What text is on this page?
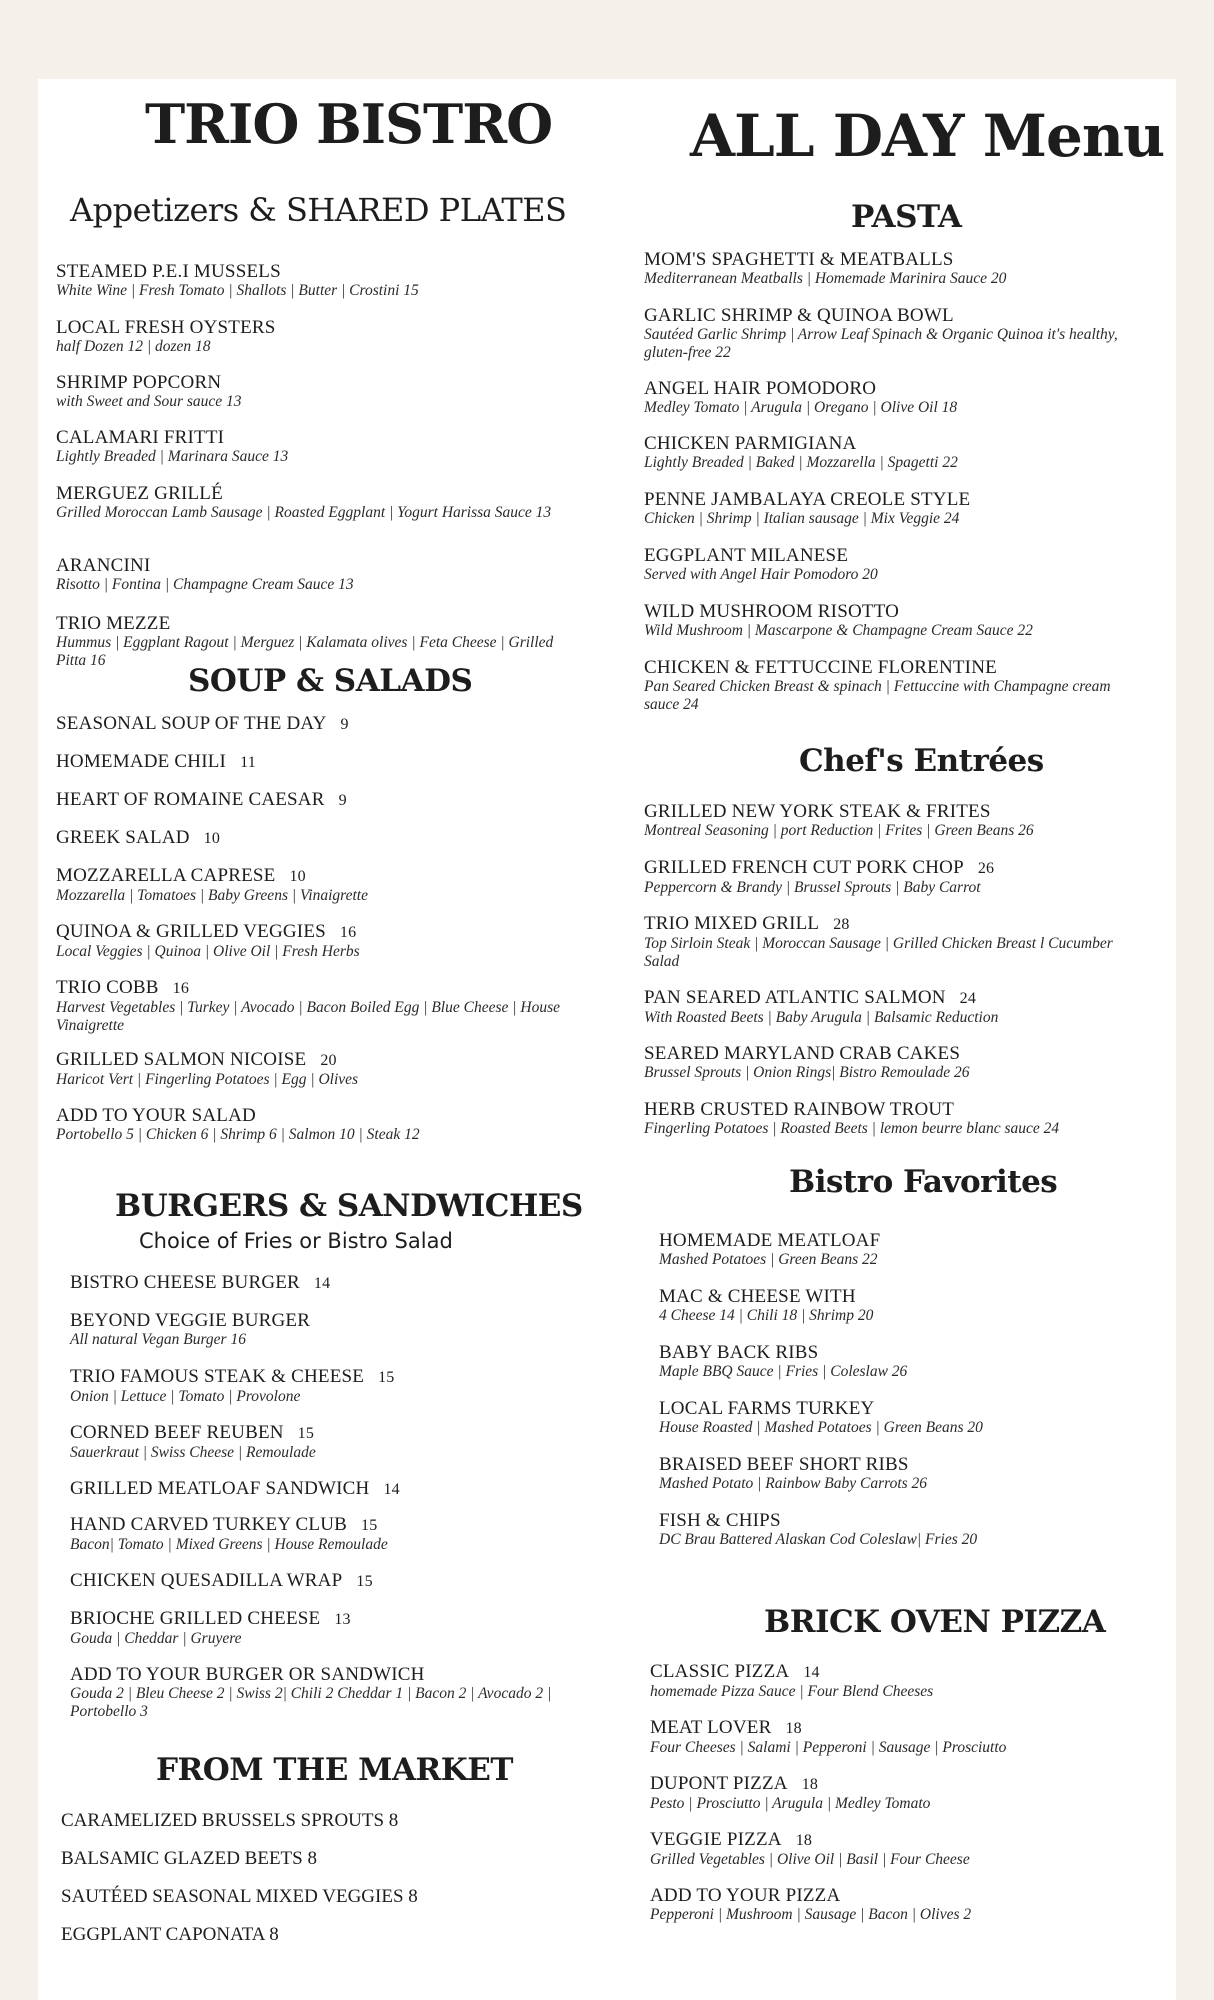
TRIO BISTRO ALL DAY Menu
Appetizers & SHARED PLATES
STEAMED P.E.I MUSSELS
White Wine | Fresh Tomato | Shallots | Butter | Crostini 15
LOCAL FRESH OYSTERS
half Dozen 12 | dozen 18
SHRIMP POPCORN
with Sweet and Sour sauce 13
CALAMARI FRITTI
Lightly Breaded | Marinara Sauce 13
MERGUEZ GRILLÉ
Grilled Moroccan Lamb Sausage | Roasted Eggplant | Yogurt Harissa Sauce 13
ARANCINI
Risotto | Fontina | Champagne Cream Sauce 13
TRIO MEZZE
Hummus | Eggplant Ragout | Merguez | Kalamata olives | Feta Cheese | Grilled Pitta 16
SOUP & SALADS
SEASONAL SOUP OF THE DAY 9
HOMEMADE CHILI 11
HEART OF ROMAINE CAESAR 9
GREEK SALAD 10
MOZZARELLA CAPRESE 10
Mozzarella | Tomatoes | Baby Greens | Vinaigrette
QUINOA & GRILLED VEGGIES 16
Local Veggies | Quinoa | Olive Oil | Fresh Herbs
TRIO COBB 16
Harvest Vegetables | Turkey | Avocado | Bacon Boiled Egg | Blue Cheese | House Vinaigrette
GRILLED SALMON NICOISE 20
Haricot Vert | Fingerling Potatoes | Egg | Olives
ADD TO YOUR SALAD
Portobello 5 | Chicken 6 | Shrimp 6 | Salmon 10 | Steak 12
BURGERS & SANDWICHES
Choice of Fries or Bistro Salad
BISTRO CHEESE BURGER 14
BEYOND VEGGIE BURGER
All natural Vegan Burger 16
TRIO FAMOUS STEAK & CHEESE 15
Onion | Lettuce | Tomato | Provolone
CORNED BEEF REUBEN 15
Sauerkraut | Swiss Cheese | Remoulade
GRILLED MEATLOAF SANDWICH 14
HAND CARVED TURKEY CLUB 15
Bacon| Tomato | Mixed Greens | House Remoulade
CHICKEN QUESADILLA WRAP 15
BRIOCHE GRILLED CHEESE 13
Gouda | Cheddar | Gruyere
ADD TO YOUR BURGER OR SANDWICH
Gouda 2 | Bleu Cheese 2 | Swiss 2| Chili 2 Cheddar 1 | Bacon 2 | Avocado 2 | Portobello 3
FROM THE MARKET
CARAMELIZED BRUSSELS SPROUTS 8
BALSAMIC GLAZED BEETS 8
SAUTÉED SEASONAL MIXED VEGGIES 8
EGGPLANT CAPONATA 8
PASTA
MOM'S SPAGHETTI & MEATBALLS
Mediterranean Meatballs | Homemade Marinira Sauce 20
GARLIC SHRIMP & QUINOA BOWL
Sautéed Garlic Shrimp | Arrow Leaf Spinach & Organic Quinoa it's healthy, gluten-free 22
ANGEL HAIR POMODORO
Medley Tomato | Arugula | Oregano | Olive Oil 18
CHICKEN PARMIGIANA
Lightly Breaded | Baked | Mozzarella | Spagetti 22
PENNE JAMBALAYA CREOLE STYLE
Chicken | Shrimp | Italian sausage | Mix Veggie 24
EGGPLANT MILANESE
Served with Angel Hair Pomodoro 20
WILD MUSHROOM RISOTTO
Wild Mushroom | Mascarpone & Champagne Cream Sauce 22
CHICKEN & FETTUCCINE FLORENTINE
Pan Seared Chicken Breast & spinach | Fettuccine with Champagne cream sauce 24
Chef's Entrées
GRILLED NEW YORK STEAK & FRITES
Montreal Seasoning | port Reduction | Frites | Green Beans 26
GRILLED FRENCH CUT PORK CHOP 26
Peppercorn & Brandy | Brussel Sprouts | Baby Carrot
TRIO MIXED GRILL 28
Top Sirloin Steak | Moroccan Sausage | Grilled Chicken Breast l Cucumber Salad
PAN SEARED ATLANTIC SALMON 24
With Roasted Beets | Baby Arugula | Balsamic Reduction
SEARED MARYLAND CRAB CAKES
Brussel Sprouts | Onion Rings| Bistro Remoulade 26
HERB CRUSTED RAINBOW TROUT
Fingerling Potatoes | Roasted Beets | lemon beurre blanc sauce 24
Bistro Favorites
HOMEMADE MEATLOAF
Mashed Potatoes | Green Beans 22
MAC & CHEESE WITH
4 Cheese 14 | Chili 18 | Shrimp 20
BABY BACK RIBS
Maple BBQ Sauce | Fries | Coleslaw 26
LOCAL FARMS TURKEY
House Roasted | Mashed Potatoes | Green Beans 20
BRAISED BEEF SHORT RIBS
Mashed Potato | Rainbow Baby Carrots 26
FISH & CHIPS
DC Brau Battered Alaskan Cod Coleslaw| Fries 20
BRICK OVEN PIZZA
CLASSIC PIZZA 14
homemade Pizza Sauce | Four Blend Cheeses
MEAT LOVER 18
Four Cheeses | Salami | Pepperoni | Sausage | Prosciutto
DUPONT PIZZA 18
Pesto | Prosciutto | Arugula | Medley Tomato
VEGGIE PIZZA 18
Grilled Vegetables | Olive Oil | Basil | Four Cheese
ADD TO YOUR PIZZA
Pepperoni | Mushroom | Sausage | Bacon | Olives 2
